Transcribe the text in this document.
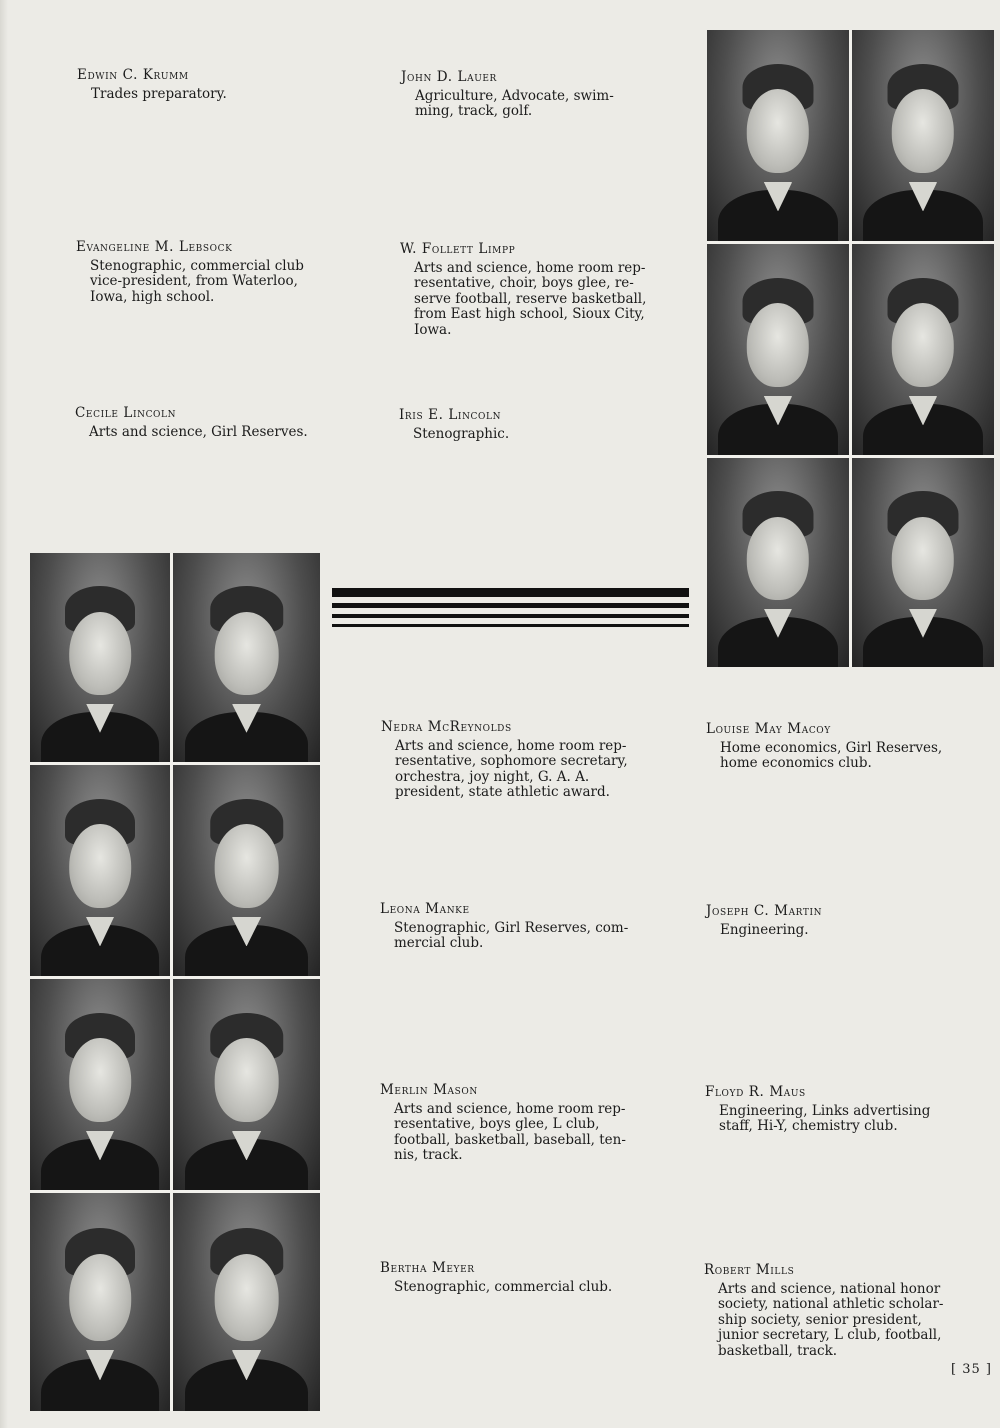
Edwin C. Krumm
Trades preparatory.
John D. Lauer
Agriculture, Advocate, swim-
ming, track, golf.
Evangeline M. Lebsock
Stenographic, commercial club
vice-president, from Waterloo,
Iowa, high school.
W. Follett Limpp
Arts and science, home room rep-
resentative, choir, boys glee, re-
serve football, reserve basketball,
from East high school, Sioux City,
Iowa.
Cecile Lincoln
Arts and science, Girl Reserves.
Iris E. Lincoln
Stenographic.
Nedra McReynolds
Arts and science, home room rep-
resentative, sophomore secretary,
orchestra, joy night, G. A. A.
president, state athletic award.
Louise May Macoy
Home economics, Girl Reserves,
home economics club.
Leona Manke
Stenographic, Girl Reserves, com-
mercial club.
Joseph C. Martin
Engineering.
Merlin Mason
Arts and science, home room rep-
resentative, boys glee, L club,
football, basketball, baseball, ten-
nis, track.
Floyd R. Maus
Engineering, Links advertising
staff, Hi-Y, chemistry club.
Bertha Meyer
Stenographic, commercial club.
Robert Mills
Arts and science, national honor
society, national athletic scholar-
ship society, senior president,
junior secretary, L club, football,
basketball, track.
[ 35 ]
